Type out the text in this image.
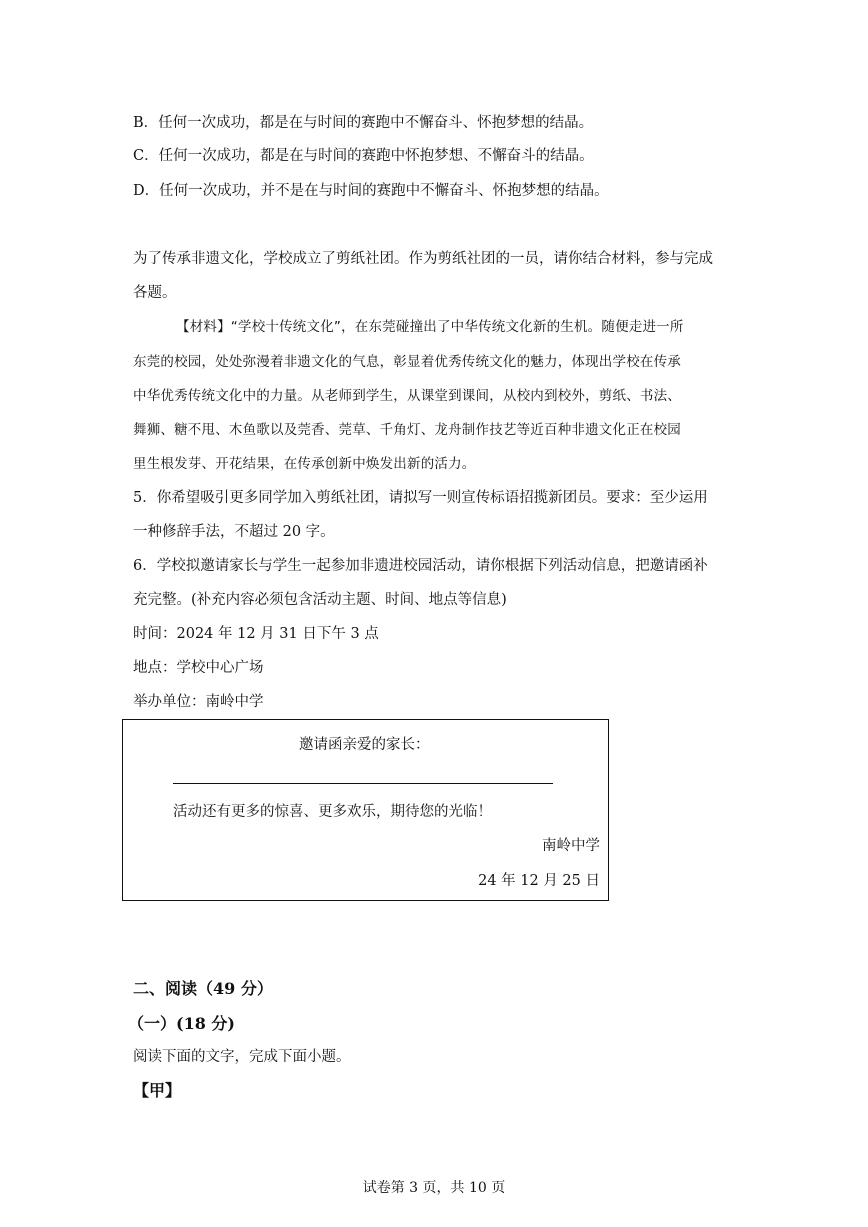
B．任何一次成功，都是在与时间的赛跑中不懈奋斗、怀抱梦想的结晶。
C．任何一次成功，都是在与时间的赛跑中怀抱梦想、不懈奋斗的结晶。
D．任何一次成功，并不是在与时间的赛跑中不懈奋斗、怀抱梦想的结晶。
为了传承非遗文化，学校成立了剪纸社团。作为剪纸社团的一员，请你结合材料，参与完成
各题。
【材料】“学校十传统文化”，在东莞碰撞出了中华传统文化新的生机。随便走进一所
东莞的校园，处处弥漫着非遗文化的气息，彰显着优秀传统文化的魅力，体现出学校在传承
中华优秀传统文化中的力量。从老师到学生，从课堂到课间，从校内到校外，剪纸、书法、
舞狮、糖不甩、木鱼歌以及莞香、莞草、千角灯、龙舟制作技艺等近百种非遗文化正在校园
里生根发芽、开花结果，在传承创新中焕发出新的活力。
5．你希望吸引更多同学加入剪纸社团，请拟写一则宣传标语招揽新团员。要求：至少运用
一种修辞手法，不超过 20 字。
6．学校拟邀请家长与学生一起参加非遗进校园活动，请你根据下列活动信息，把邀请函补
充完整。(补充内容必须包含活动主题、时间、地点等信息)
时间：2024 年 12 月 31 日下午 3 点
地点：学校中心广场
举办单位：南岭中学
邀请函亲爱的家长：
活动还有更多的惊喜、更多欢乐，期待您的光临！
南岭中学
24 年 12 月 25 日
二、阅读（49 分）
（一）(18 分)
阅读下面的文字，完成下面小题。
【甲】
试卷第 3 页，共 10 页
